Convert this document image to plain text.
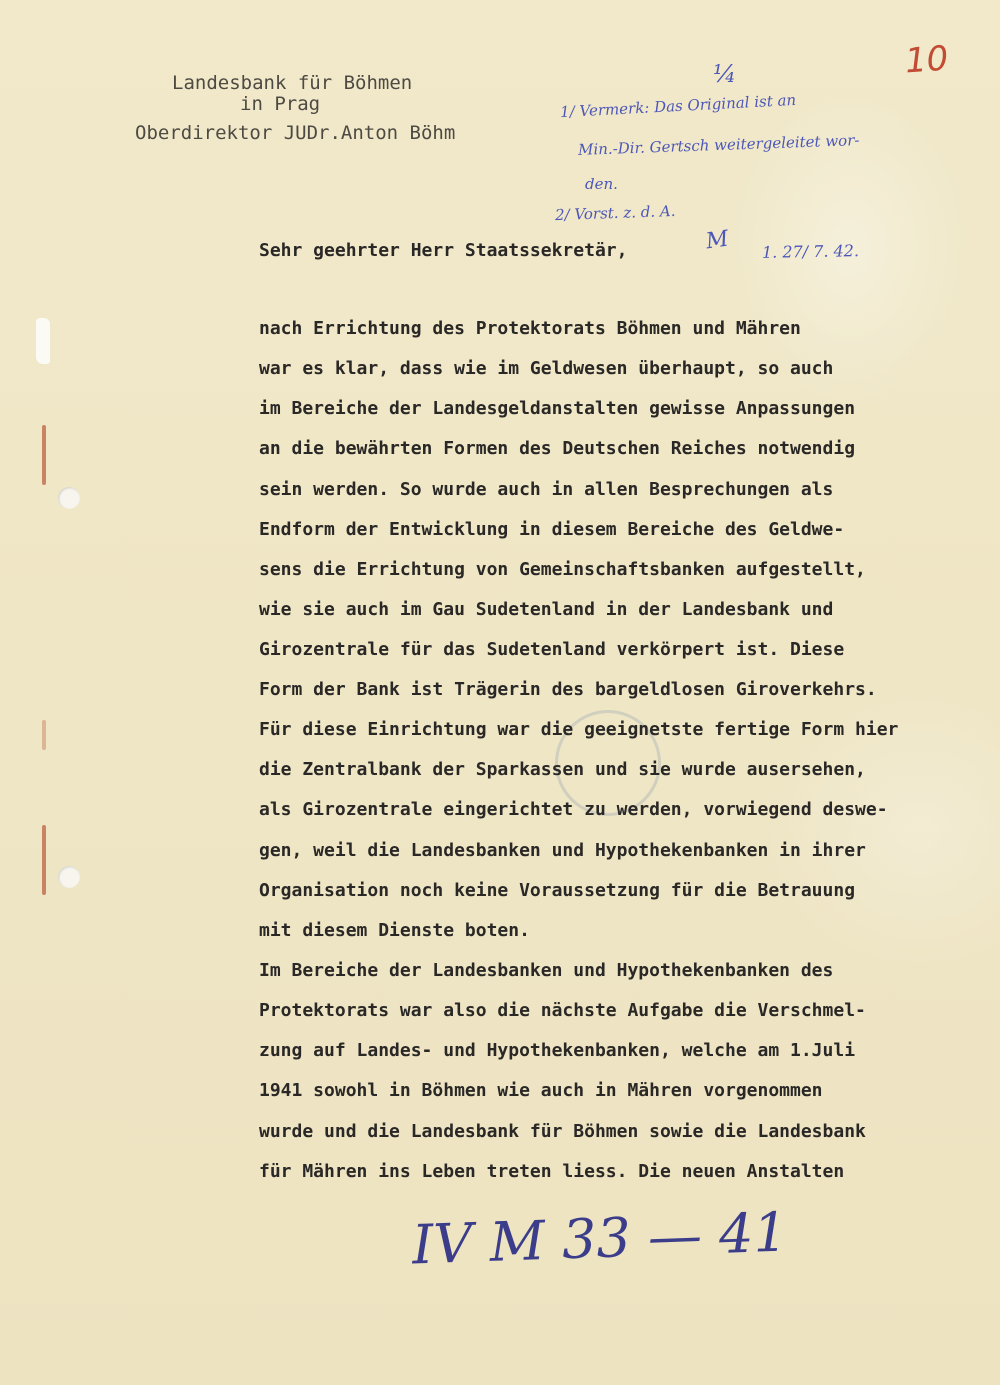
Landesbank für Böhmen
in Prag
Oberdirektor JUDr.Anton Böhm
10
¼
1/ Vermerk: Das Original ist an
Min.-Dir. Gertsch weitergeleitet wor-
den.
2/ Vorst. z. d. A.
M 1. 27/ 7. 42.
Sehr geehrter Herr Staatssekretär,
nach Errichtung des Protektorats Böhmen und Mähren
war es klar, dass wie im Geldwesen überhaupt, so auch
im Bereiche der Landesgeldanstalten gewisse Anpassungen
an die bewährten Formen des Deutschen Reiches notwendig
sein werden. So wurde auch in allen Besprechungen als
Endform der Entwicklung in diesem Bereiche des Geldwe-
sens die Errichtung von Gemeinschaftsbanken aufgestellt,
wie sie auch im Gau Sudetenland in der Landesbank und
Girozentrale für das Sudetenland verkörpert ist. Diese
Form der Bank ist Trägerin des bargeldlosen Giroverkehrs.
Für diese Einrichtung war die geeignetste fertige Form hier
die Zentralbank der Sparkassen und sie wurde ausersehen,
als Girozentrale eingerichtet zu werden, vorwiegend deswe-
gen, weil die Landesbanken und Hypothekenbanken in ihrer
Organisation noch keine Voraussetzung für die Betrauung
mit diesem Dienste boten.
Im Bereiche der Landesbanken und Hypothekenbanken des
Protektorats war also die nächste Aufgabe die Verschmel-
zung auf Landes- und Hypothekenbanken, welche am 1.Juli
1941 sowohl in Böhmen wie auch in Mähren vorgenommen
wurde und die Landesbank für Böhmen sowie die Landesbank
für Mähren ins Leben treten liess. Die neuen Anstalten
IV M 33 — 41
